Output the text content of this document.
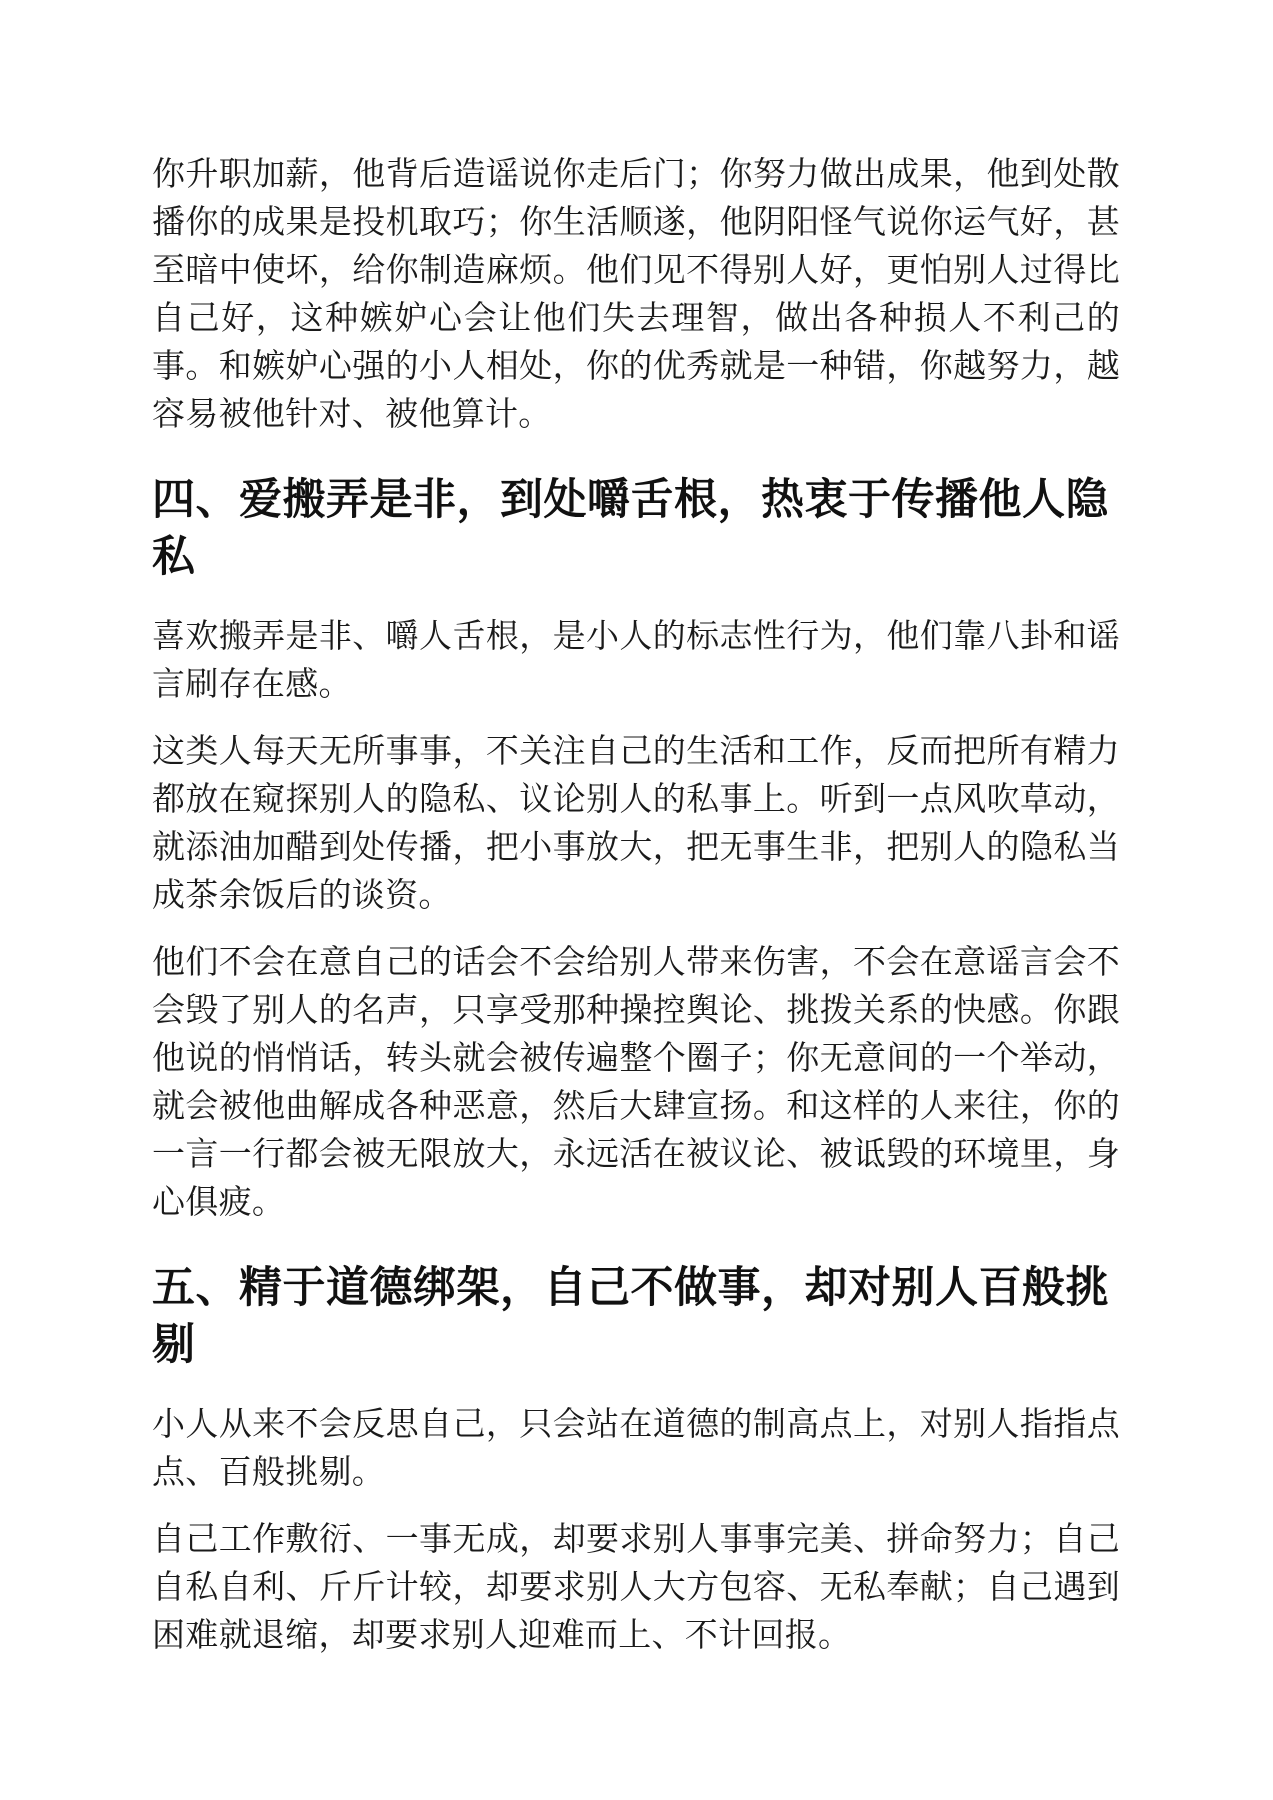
你升职加薪，他背后造谣说你走后门；你努力做出成果，他到处散播你的成果是投机取巧；你生活顺遂，他阴阳怪气说你运气好，甚至暗中使坏，给你制造麻烦。他们见不得别人好，更怕别人过得比自己好，这种嫉妒心会让他们失去理智，做出各种损人不利己的事。和嫉妒心强的小人相处，你的优秀就是一种错，你越努力，越容易被他针对、被他算计。

四、爱搬弄是非，到处嚼舌根，热衷于传播他人隐私

喜欢搬弄是非、嚼人舌根，是小人的标志性行为，他们靠八卦和谣言刷存在感。

这类人每天无所事事，不关注自己的生活和工作，反而把所有精力都放在窥探别人的隐私、议论别人的私事上。听到一点风吹草动，就添油加醋到处传播，把小事放大，把无事生非，把别人的隐私当成茶余饭后的谈资。

他们不会在意自己的话会不会给别人带来伤害，不会在意谣言会不会毁了别人的名声，只享受那种操控舆论、挑拨关系的快感。你跟他说的悄悄话，转头就会被传遍整个圈子；你无意间的一个举动，就会被他曲解成各种恶意，然后大肆宣扬。和这样的人来往，你的一言一行都会被无限放大，永远活在被议论、被诋毁的环境里，身心俱疲。

五、精于道德绑架，自己不做事，却对别人百般挑剔

小人从来不会反思自己，只会站在道德的制高点上，对别人指指点点、百般挑剔。

自己工作敷衍、一事无成，却要求别人事事完美、拼命努力；自己自私自利、斤斤计较，却要求别人大方包容、无私奉献；自己遇到困难就退缩，却要求别人迎难而上、不计回报。
